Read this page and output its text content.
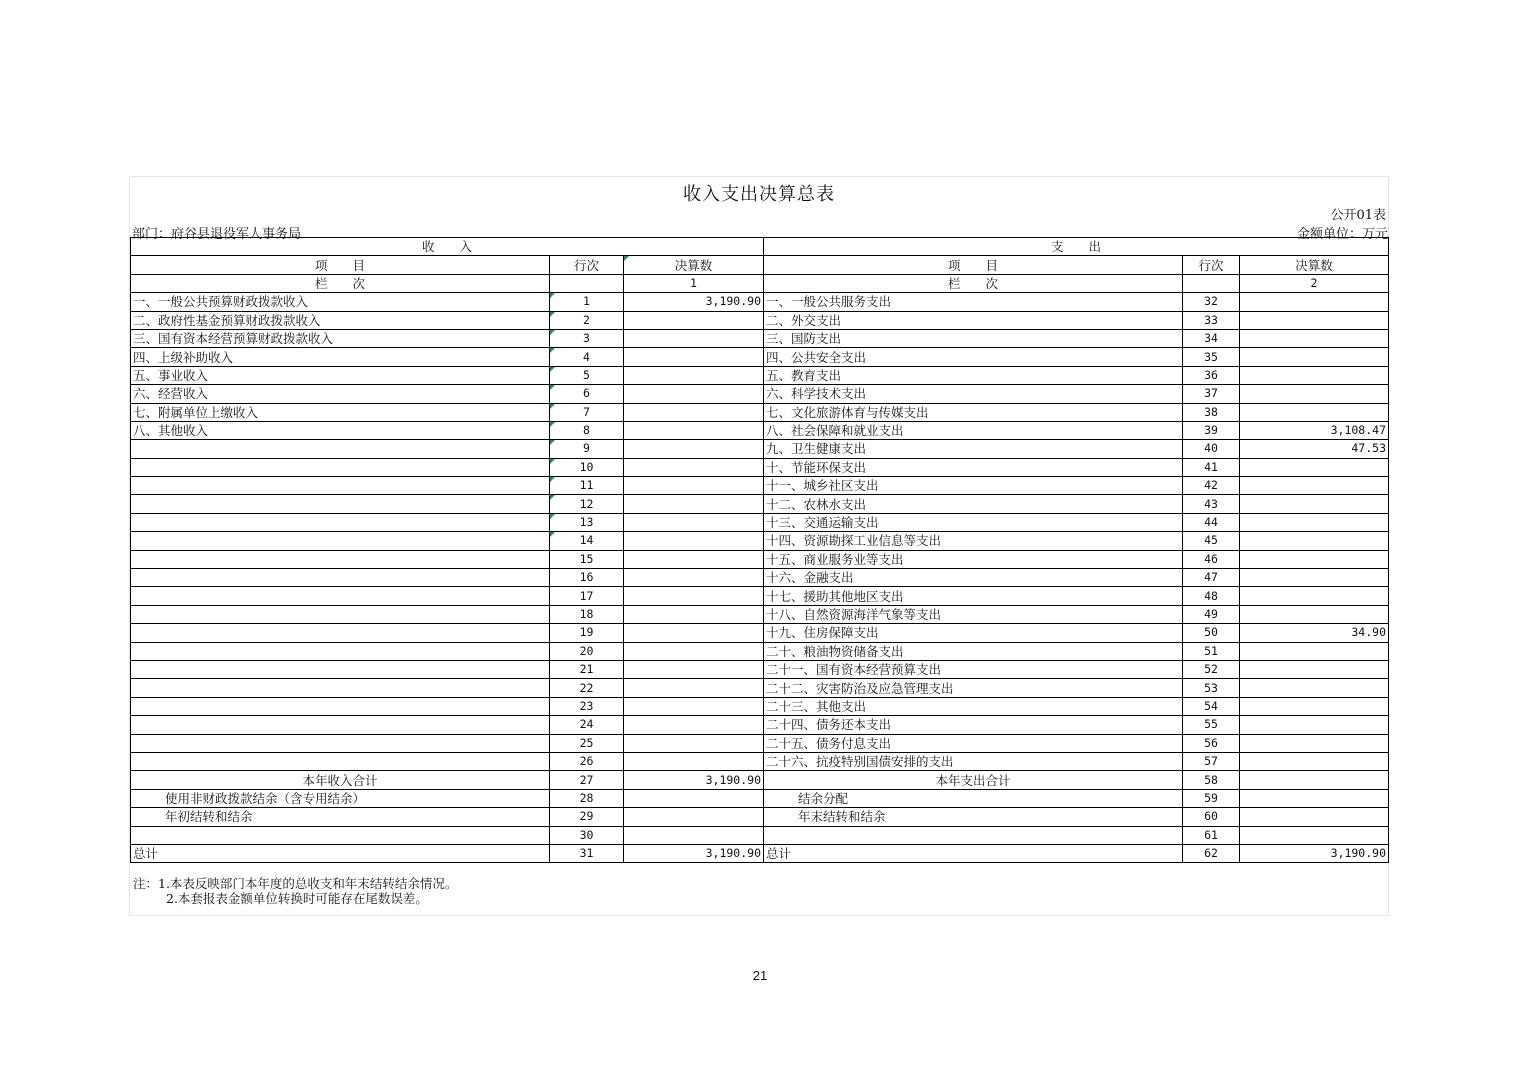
收入支出决算总表
公开01表
部门：府谷县退役军人事务局	金额单位：万元
收　　入			支　　出		
项　　目	行次	决算数	项　　目	行次	决算数
栏　　次		1	栏　　次		2
一、一般公共预算财政拨款收入	1	3,190.90	一、一般公共服务支出	32	
二、政府性基金预算财政拨款收入	2		二、外交支出	33	
三、国有资本经营预算财政拨款收入	3		三、国防支出	34	
四、上级补助收入	4		四、公共安全支出	35	
五、事业收入	5		五、教育支出	36	
六、经营收入	6		六、科学技术支出	37	
七、附属单位上缴收入	7		七、文化旅游体育与传媒支出	38	
八、其他收入	8		八、社会保障和就业支出	39	3,108.47
	9		九、卫生健康支出	40	47.53
	10		十、节能环保支出	41	
	11		十一、城乡社区支出	42	
	12		十二、农林水支出	43	
	13		十三、交通运输支出	44	
	14		十四、资源勘探工业信息等支出	45	
	15		十五、商业服务业等支出	46	
	16		十六、金融支出	47	
	17		十七、援助其他地区支出	48	
	18		十八、自然资源海洋气象等支出	49	
	19		十九、住房保障支出	50	34.90
	20		二十、粮油物资储备支出	51	
	21		二十一、国有资本经营预算支出	52	
	22		二十二、灾害防治及应急管理支出	53	
	23		二十三、其他支出	54	
	24		二十四、债务还本支出	55	
	25		二十五、债务付息支出	56	
	26		二十六、抗疫特别国债安排的支出	57	
本年收入合计	27	3,190.90	本年支出合计	58	
使用非财政拨款结余（含专用结余）	28		结余分配	59	
年初结转和结余	29		年末结转和结余	60	
	30			61	
总计	31	3,190.90	总计	62	3,190.90
注：1.本表反映部门本年度的总收支和年末结转结余情况。
2.本套报表金额单位转换时可能存在尾数误差。
21
